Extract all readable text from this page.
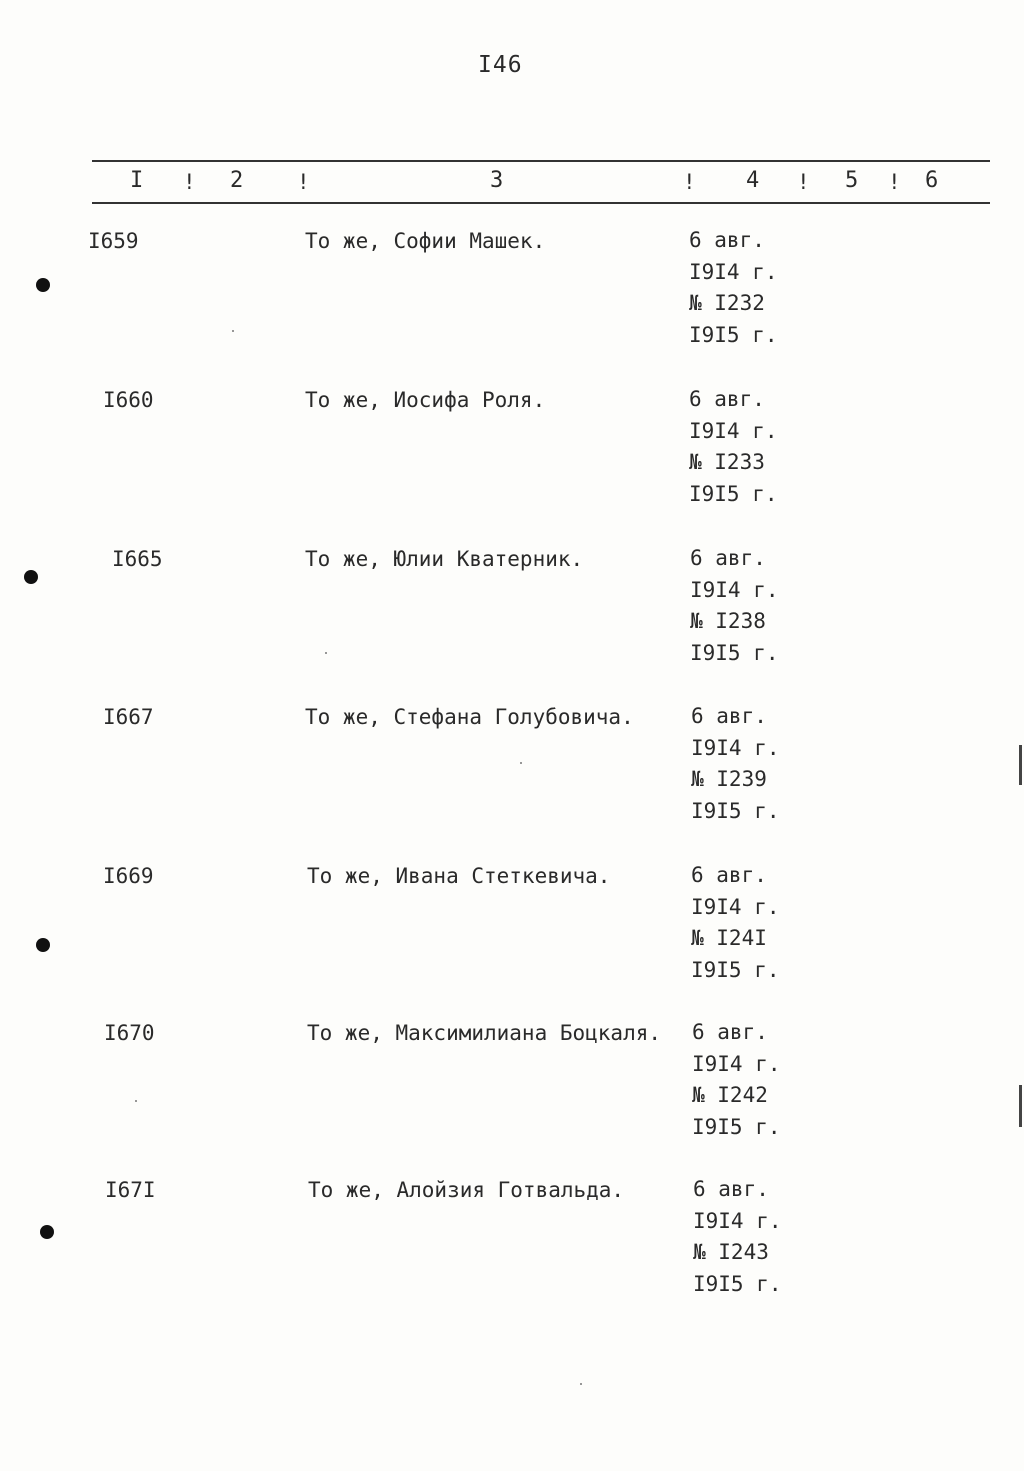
I46
I ! 2	!	3	! 4 ! 5 ! 6
I659	То же, Софии Машек.	6 авг.
I9I4 г.
№ I232
I9I5 г.
I660	То же, Иосифа Роля.	6 авг.
I9I4 г.
№ I233
I9I5 г.
I665	То же, Юлии Кватерник.	6 авг.
I9I4 г.
№ I238
I9I5 г.
I667	То же, Стефана Голубовича.	6 авг.
I9I4 г.
№ I239
I9I5 г.
I669	То же, Ивана Стеткевича.	6 авг.
I9I4 г.
№ I24I
I9I5 г.
I670	То же, Максимилиана Боцкаля. 6 авг.
I9I4 г.
№ I242
I9I5 г.
I67I	То же, Алойзия Готвальда.	6 авг.
I9I4 г.
№ I243
I9I5 г.
